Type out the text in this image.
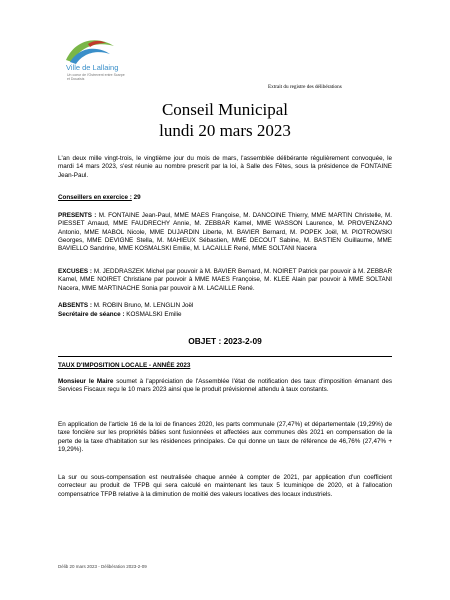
Ville de Lallaing
Un coeur de l'Ostrevent entre Scarpe et Douaisis
Extrait du registre des délibérations
Conseil Municipal
lundi 20 mars 2023
L'an deux mille vingt-trois, le vingtième jour du mois de mars, l'assemblée délibérante régulièrement convoquée, le mardi 14 mars 2023, s'est réunie au nombre prescrit par la loi, à Salle des Fêtes, sous la présidence de FONTAINE Jean-Paul.
Conseillers en exercice : 29
PRESENTS : M. FONTAINE Jean-Paul, MME MAES Françoise, M. DANCOINE Thierry, MME MARTIN Christelle, M. PIESSET Arnaud, MME FAUDRECHY Annie, M. ZEBBAR Kamel, MME WASSON Laurence, M. PROVENZANO Antonio, MME MABOL Nicole, MME DUJARDIN Liberte, M. BAVIER Bernard, M. POPEK Joël, M. PIOTROWSKI Georges, MME DEVIGNE Stella, M. MAHIEUX Sébastien, MME DECOUT Sabine, M. BASTIEN Guillaume, MME BAVIELLO Sandrine, MME KOSMALSKI Emilie, M. LACAILLE René, MME SOLTANI Nacera
EXCUSES : M. JEDDRASZEK Michel par pouvoir à M. BAVIER Bernard, M. NOIRET Patrick par pouvoir à M. ZEBBAR Kamel, MME NOIRET Christiane par pouvoir à MME MAES Françoise, M. KLEE Alain par pouvoir à MME SOLTANI Nacera, MME MARTINACHE Sonia par pouvoir à M. LACAILLE René.
ABSENTS : M. ROBIN Bruno, M. LENGLIN Joël
Secrétaire de séance : KOSMALSKI Emilie
OBJET : 2023-2-09
TAUX D'IMPOSITION LOCALE - ANNÉE 2023
Monsieur le Maire soumet à l'appréciation de l'Assemblée l'état de notification des taux d'imposition émanant des Services Fiscaux reçu le 10 mars 2023 ainsi que le produit prévisionnel attendu à taux constants.
En application de l'article 16 de la loi de finances 2020, les parts communale (27,47%) et départementale (19,29%) de taxe foncière sur les propriétés bâties sont fusionnées et affectées aux communes dès 2021 en compensation de la perte de la taxe d'habitation sur les résidences principales. Ce qui donne un taux de référence de 46,76% (27,47% + 19,29%).
La sur ou sous-compensation est neutralisée chaque année à compter de 2021, par application d'un coefficient correcteur au produit de TFPB qui sera calculé en maintenant les taux 5 lcuminiqoe de 2020, et à l'allocation compensatrice TFPB relative à la diminution de moitié des valeurs locatives des locaux industriels.
Délib 20 mars 2023 - Délibération 2023-2-09
